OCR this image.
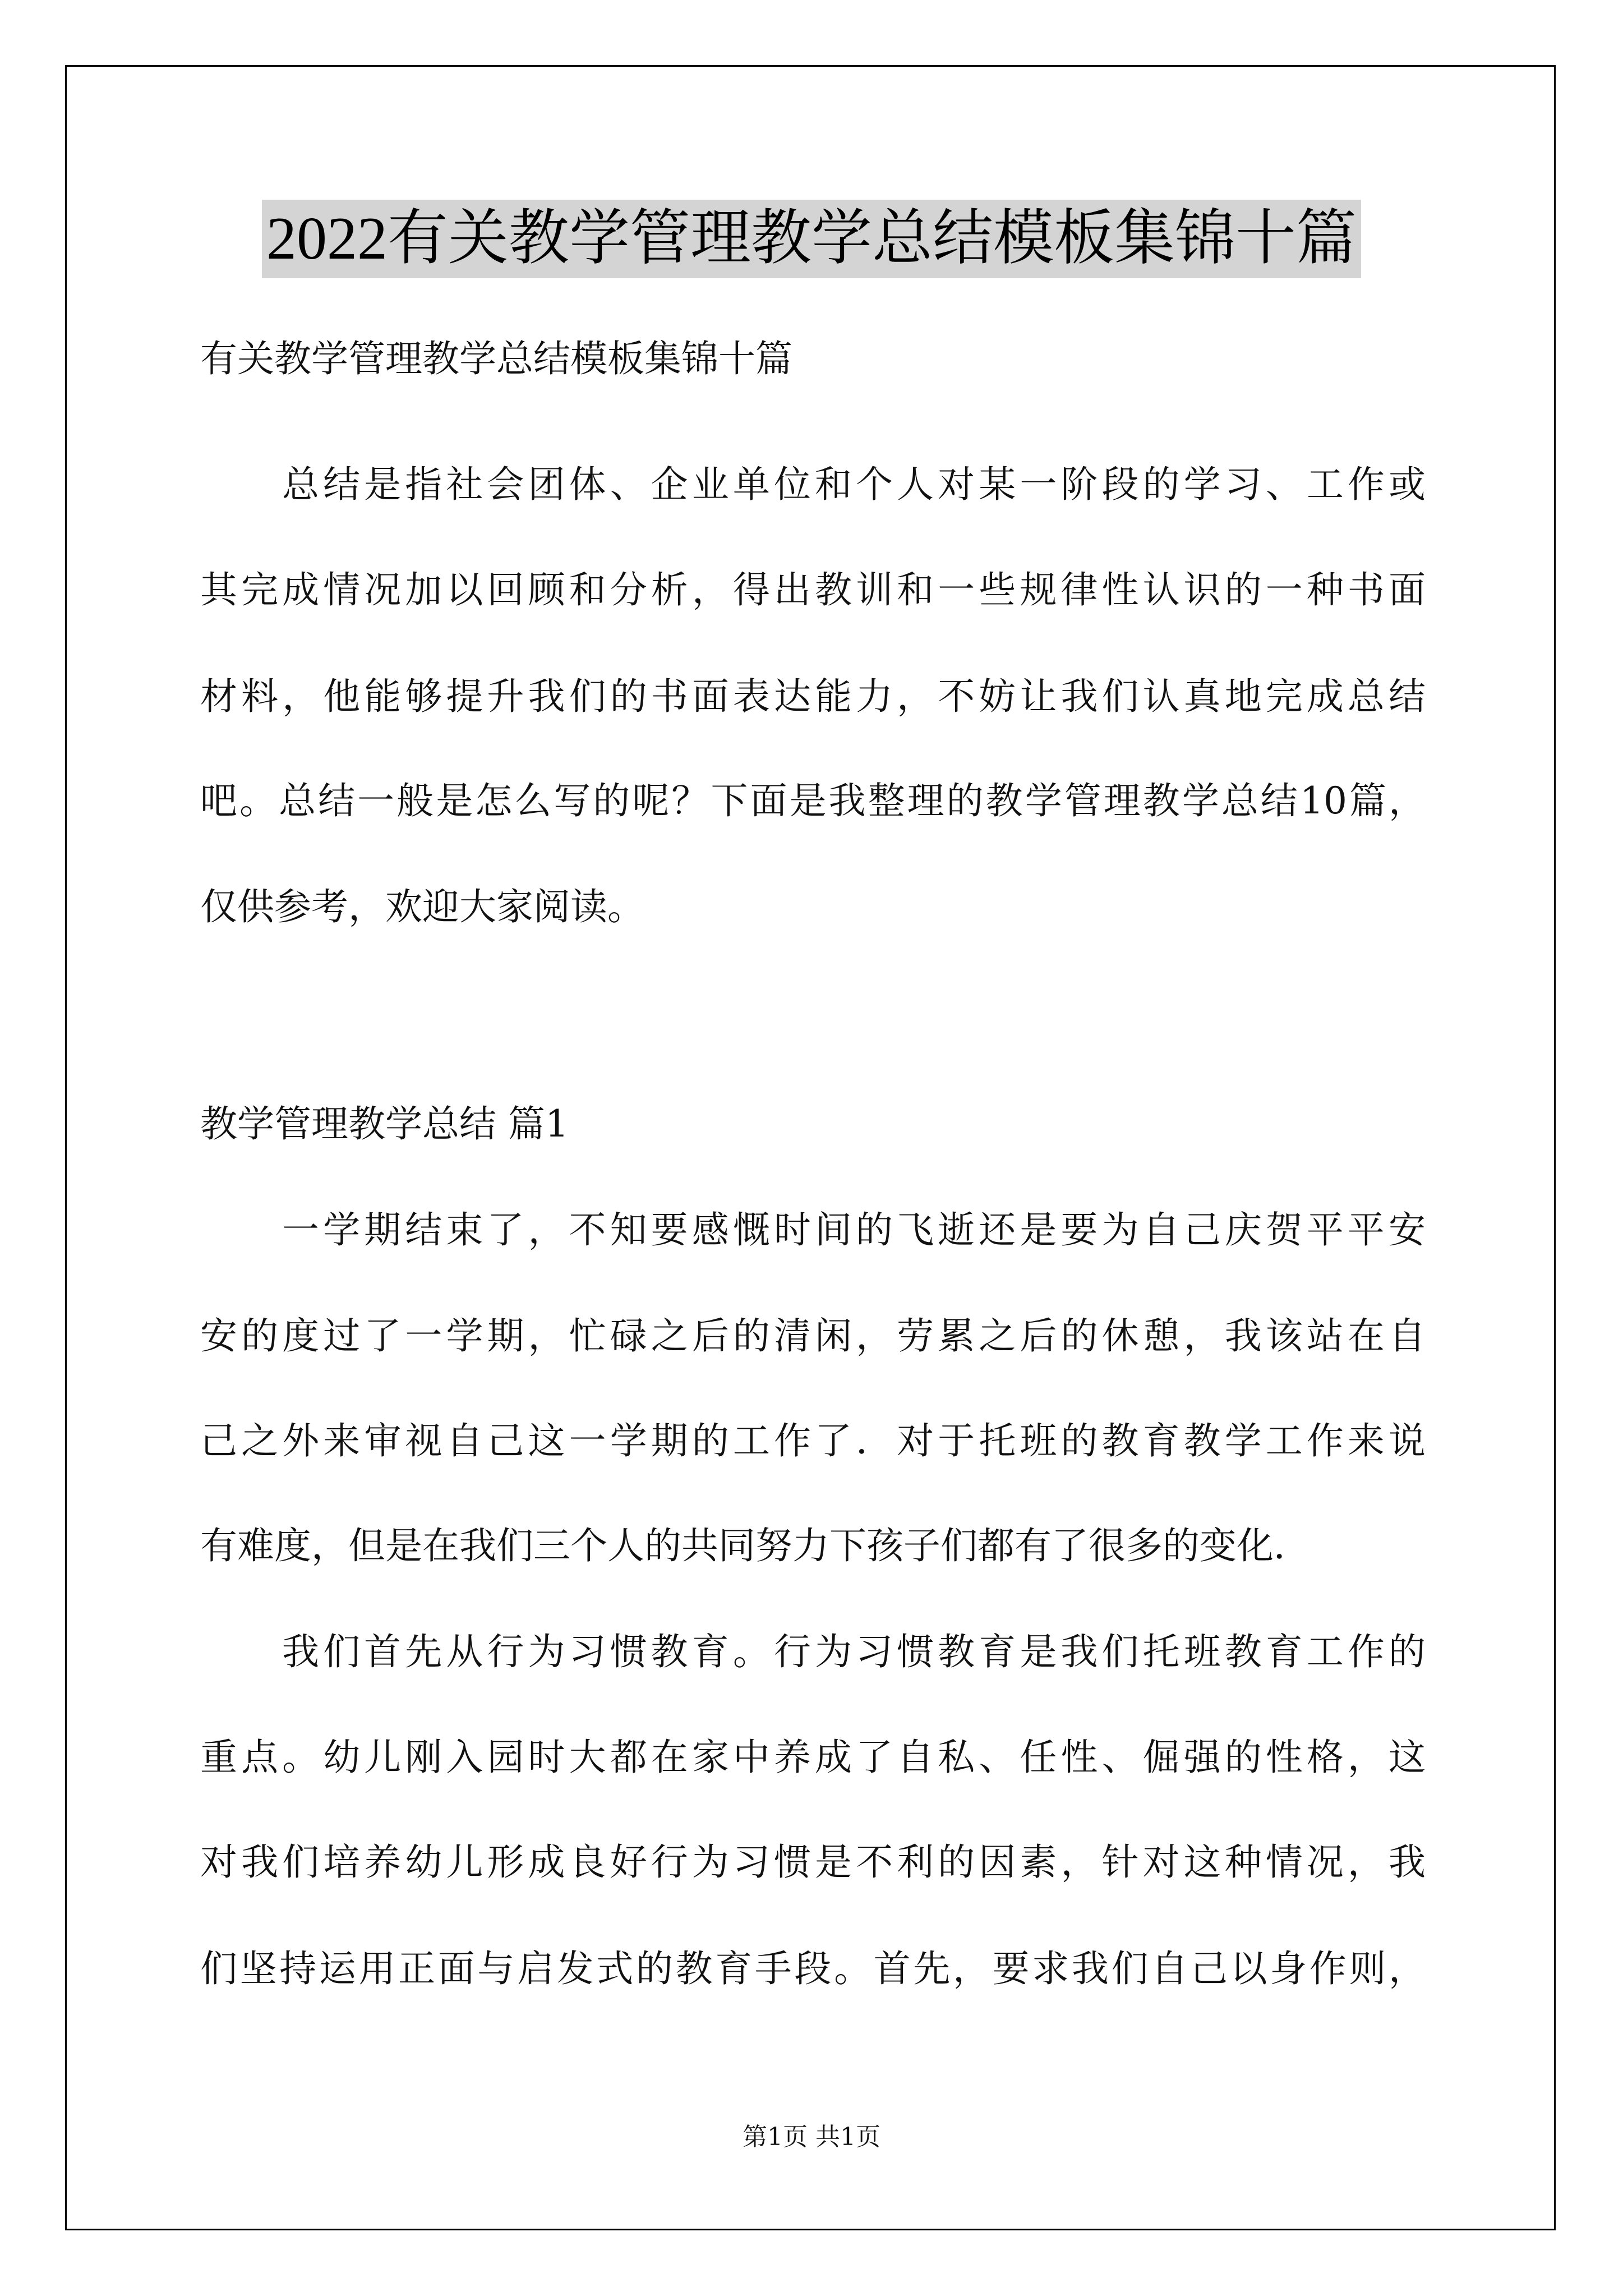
2022有关教学管理教学总结模板集锦十篇
有关教学管理教学总结模板集锦十篇
总结是指社会团体、企业单位和个人对某一阶段的学习、工作或
其完成情况加以回顾和分析，得出教训和一些规律性认识的一种书面
材料，他能够提升我们的书面表达能力，不妨让我们认真地完成总结
吧。总结一般是怎么写的呢？下面是我整理的教学管理教学总结10篇，
仅供参考，欢迎大家阅读。
教学管理教学总结 篇1
一学期结束了，不知要感慨时间的飞逝还是要为自己庆贺平平安
安的度过了一学期，忙碌之后的清闲，劳累之后的休憩，我该站在自
己之外来审视自己这一学期的工作了．对于托班的教育教学工作来说
有难度，但是在我们三个人的共同努力下孩子们都有了很多的变化．
我们首先从行为习惯教育。行为习惯教育是我们托班教育工作的
重点。幼儿刚入园时大都在家中养成了自私、任性、倔强的性格，这
对我们培养幼儿形成良好行为习惯是不利的因素，针对这种情况，我
们坚持运用正面与启发式的教育手段。首先，要求我们自己以身作则，
第1页 共1页
